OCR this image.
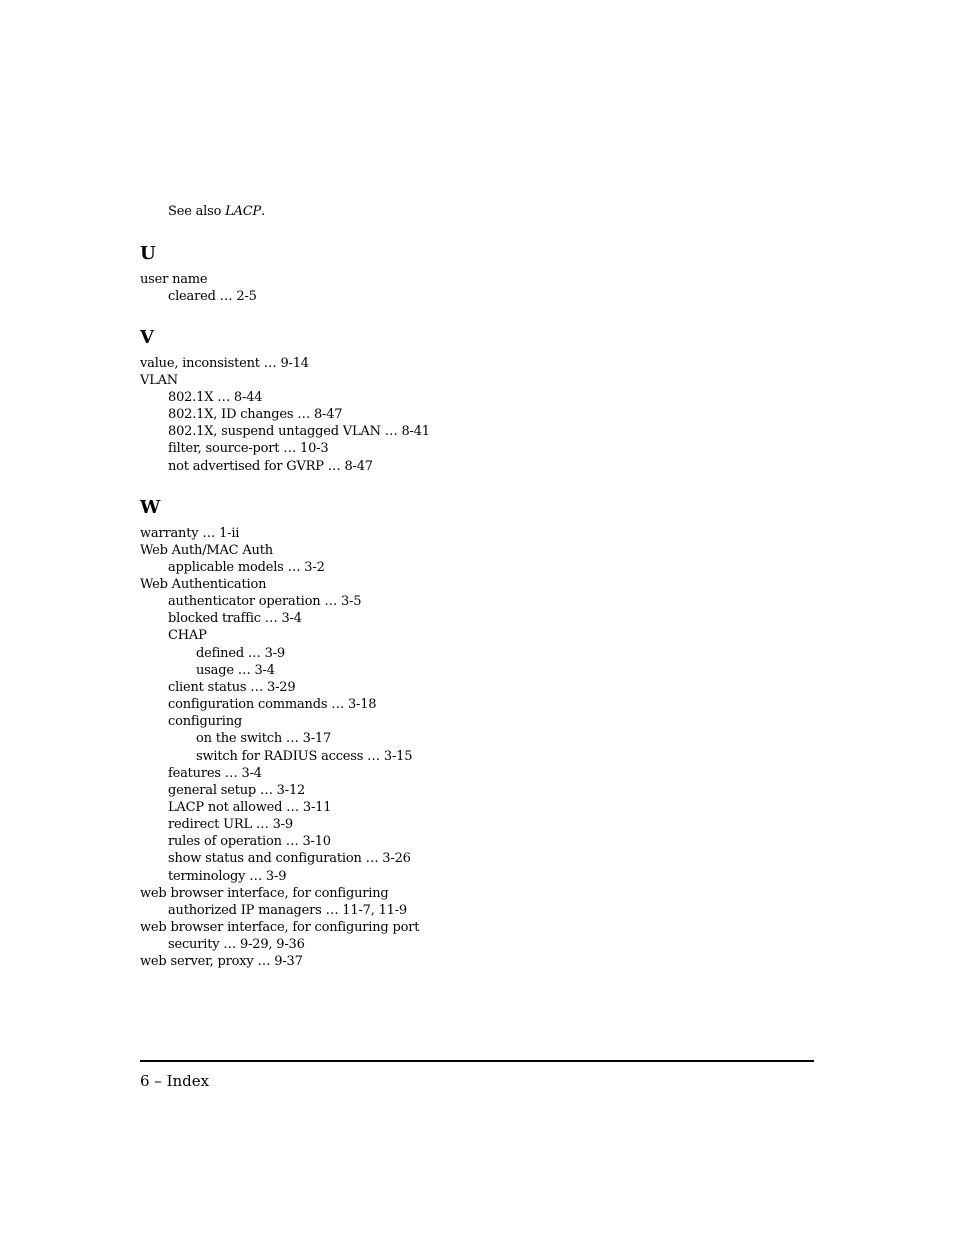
See also LACP.
U
user name
cleared … 2-5
V
value, inconsistent … 9-14
VLAN
802.1X … 8-44
802.1X, ID changes … 8-47
802.1X, suspend untagged VLAN … 8-41
filter, source-port … 10-3
not advertised for GVRP … 8-47
W
warranty … 1-ii
Web Auth/MAC Auth
applicable models … 3-2
Web Authentication
authenticator operation … 3-5
blocked traffic … 3-4
CHAP
defined … 3-9
usage … 3-4
client status … 3-29
configuration commands … 3-18
configuring
on the switch … 3-17
switch for RADIUS access … 3-15
features … 3-4
general setup … 3-12
LACP not allowed … 3-11
redirect URL … 3-9
rules of operation … 3-10
show status and configuration … 3-26
terminology … 3-9
web browser interface, for configuring
authorized IP managers … 11-7, 11-9
web browser interface, for configuring port
security … 9-29, 9-36
web server, proxy … 9-37
6 – Index
